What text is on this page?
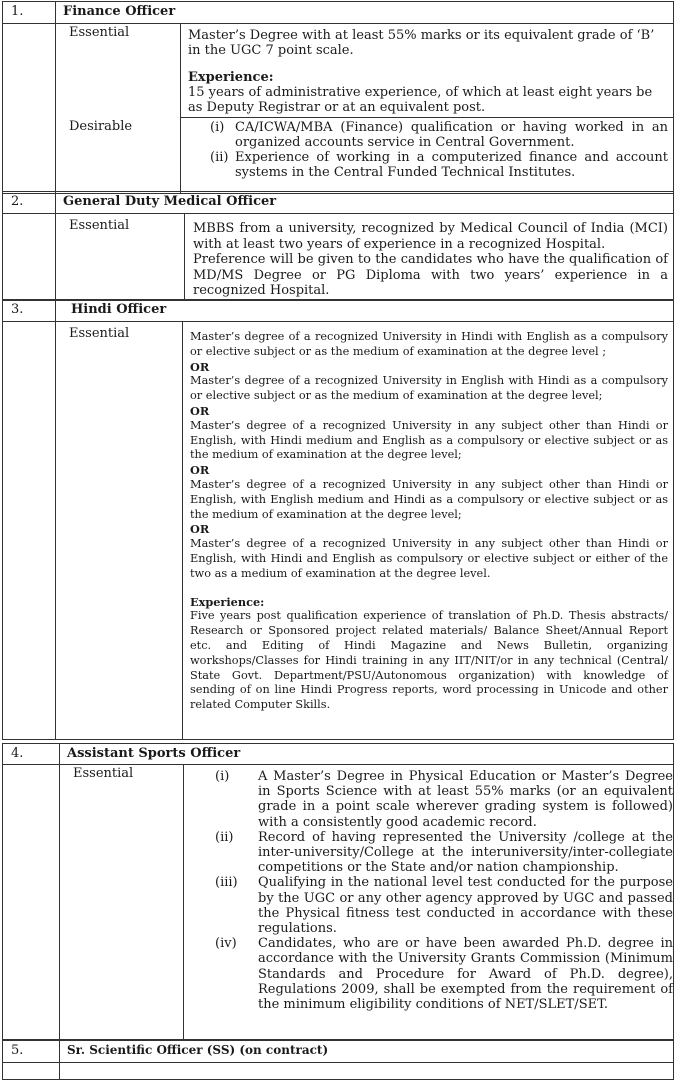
1.	Finance Officer
Essential	Master’s Degree with at least 55% marks or its equivalent grade of ‘B’ in the UGC 7 point scale.
Experience:
15 years of administrative experience, of which at least eight years be as Deputy Registrar or at an equivalent post.
Desirable	(i) CA/ICWA/MBA (Finance) qualification or having worked in an organized accounts service in Central Government.
(ii) Experience of working in a computerized finance and account systems in the Central Funded Technical Institutes.
2.	General Duty Medical Officer
Essential	MBBS from a university, recognized by Medical Council of India (MCI) with at least two years of experience in a recognized Hospital.
Preference will be given to the candidates who have the qualification of MD/MS Degree or PG Diploma with two years’ experience in a recognized Hospital.
3.	Hindi Officer
Essential	Master’s degree of a recognized University in Hindi with English as a compulsory or elective subject or as the medium of examination at the degree level ;
OR
Master’s degree of a recognized University in English with Hindi as a compulsory or elective subject or as the medium of examination at the degree level;
OR
Master’s degree of a recognized University in any subject other than Hindi or English, with Hindi medium and English as a compulsory or elective subject or as the medium of examination at the degree level;
OR
Master’s degree of a recognized University in any subject other than Hindi or English, with English medium and Hindi as a compulsory or elective subject or as the medium of examination at the degree level;
OR
Master’s degree of a recognized University in any subject other than Hindi or English, with Hindi and English as compulsory or elective subject or either of the two as a medium of examination at the degree level.
Experience:
Five years post qualification experience of translation of Ph.D. Thesis abstracts/ Research or Sponsored project related materials/ Balance Sheet/Annual Report etc. and Editing of Hindi Magazine and News Bulletin, organizing workshops/Classes for Hindi training in any IIT/NIT/or in any technical (Central/ State Govt. Department/PSU/Autonomous organization) with knowledge of sending of on line Hindi Progress reports, word processing in Unicode and other related Computer Skills.
4.	Assistant Sports Officer
Essential	(i)	A Master’s Degree in Physical Education or Master’s Degree in Sports Science with at least 55% marks (or an equivalent grade in a point scale wherever grading system is followed) with a consistently good academic record.
(ii)	Record of having represented the University /college at the inter-university/College at the interuniversity/inter-collegiate competitions or the State and/or nation championship.
(iii)	Qualifying in the national level test conducted for the purpose by the UGC or any other agency approved by UGC and passed the Physical fitness test conducted in accordance with these regulations.
(iv)	Candidates, who are or have been awarded Ph.D. degree in accordance with the University Grants Commission (Minimum Standards and Procedure for Award of Ph.D. degree), Regulations 2009, shall be exempted from the requirement of the minimum eligibility conditions of NET/SLET/SET.
5.	Sr. Scientific Officer (SS) (on contract)
